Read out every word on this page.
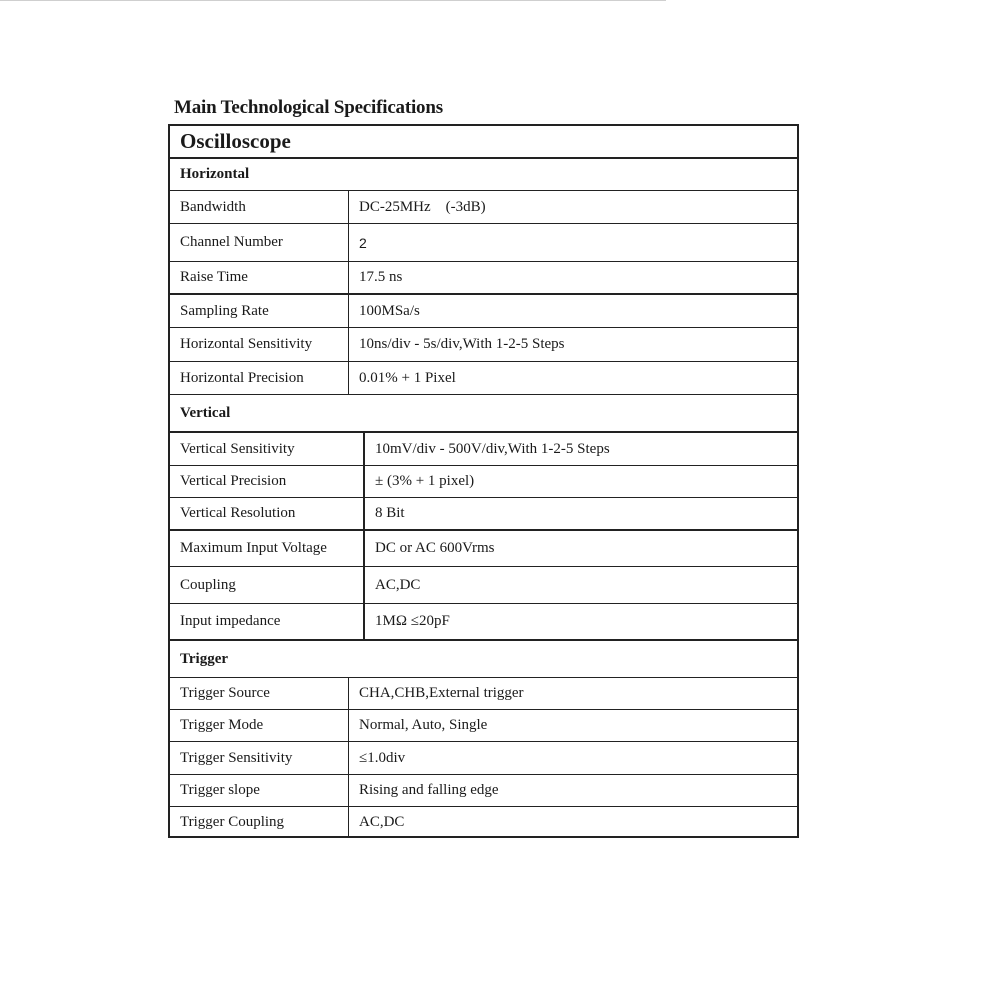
Main Technological Specifications
Oscilloscope
Horizontal
Bandwidth	DC-25MHz    (-3dB)
Channel Number	2
Raise Time	17.5 ns
Sampling Rate	100MSa/s
Horizontal Sensitivity	10ns/div - 5s/div,With 1-2-5 Steps
Horizontal Precision	0.01% + 1 Pixel
Vertical
Vertical Sensitivity	10mV/div - 500V/div,With 1-2-5 Steps
Vertical Precision	± (3% + 1 pixel)
Vertical Resolution	8 Bit
Maximum Input Voltage	DC or AC 600Vrms
Coupling	AC,DC
Input impedance	1MΩ ≤20pF
Trigger
Trigger Source	CHA,CHB,External trigger
Trigger Mode	Normal, Auto, Single
Trigger Sensitivity	≤1.0div
Trigger slope	Rising and falling edge
Trigger Coupling	AC,DC
